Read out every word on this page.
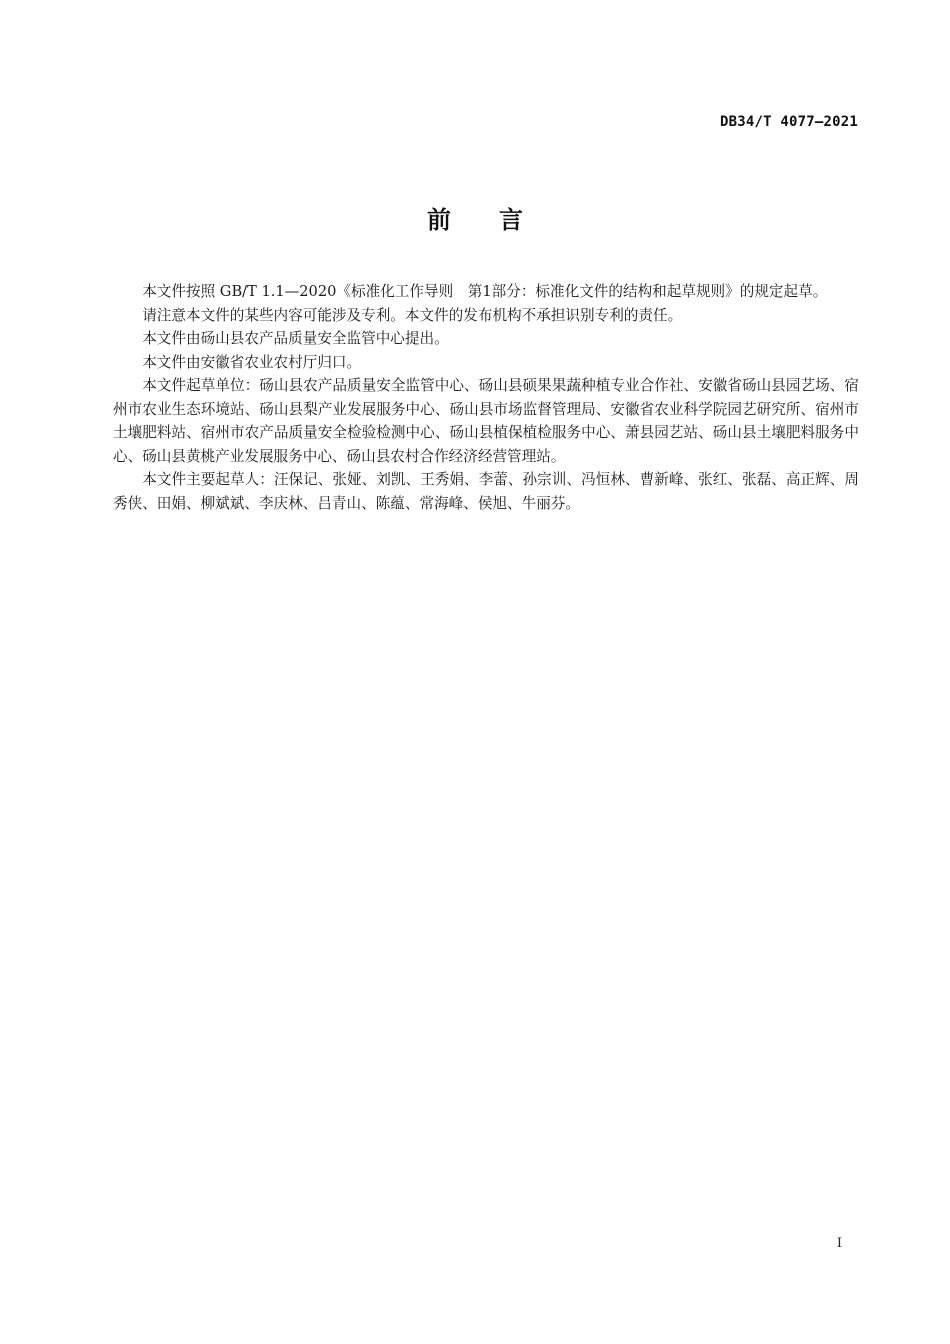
DB34/T 4077—2021
前言

本文件按照 GB/T 1.1—2020《标准化工作导则　第1部分：标准化文件的结构和起草规则》的规定起草。

请注意本文件的某些内容可能涉及专利。本文件的发布机构不承担识别专利的责任。

本文件由砀山县农产品质量安全监管中心提出。

本文件由安徽省农业农村厅归口。

本文件起草单位：砀山县农产品质量安全监管中心、砀山县硕果果蔬种植专业合作社、安徽省砀山县园艺场、宿州市农业生态环境站、砀山县梨产业发展服务中心、砀山县市场监督管理局、安徽省农业科学院园艺研究所、宿州市土壤肥料站、宿州市农产品质量安全检验检测中心、砀山县植保植检服务中心、萧县园艺站、砀山县土壤肥料服务中心、砀山县黄桃产业发展服务中心、砀山县农村合作经济经营管理站。

本文件主要起草人：汪保记、张娅、刘凯、王秀娟、李蕾、孙宗训、冯恒林、曹新峰、张红、张磊、高正辉、周秀侠、田娟、柳斌斌、李庆林、吕青山、陈蕴、常海峰、侯旭、牛丽芬。

I
